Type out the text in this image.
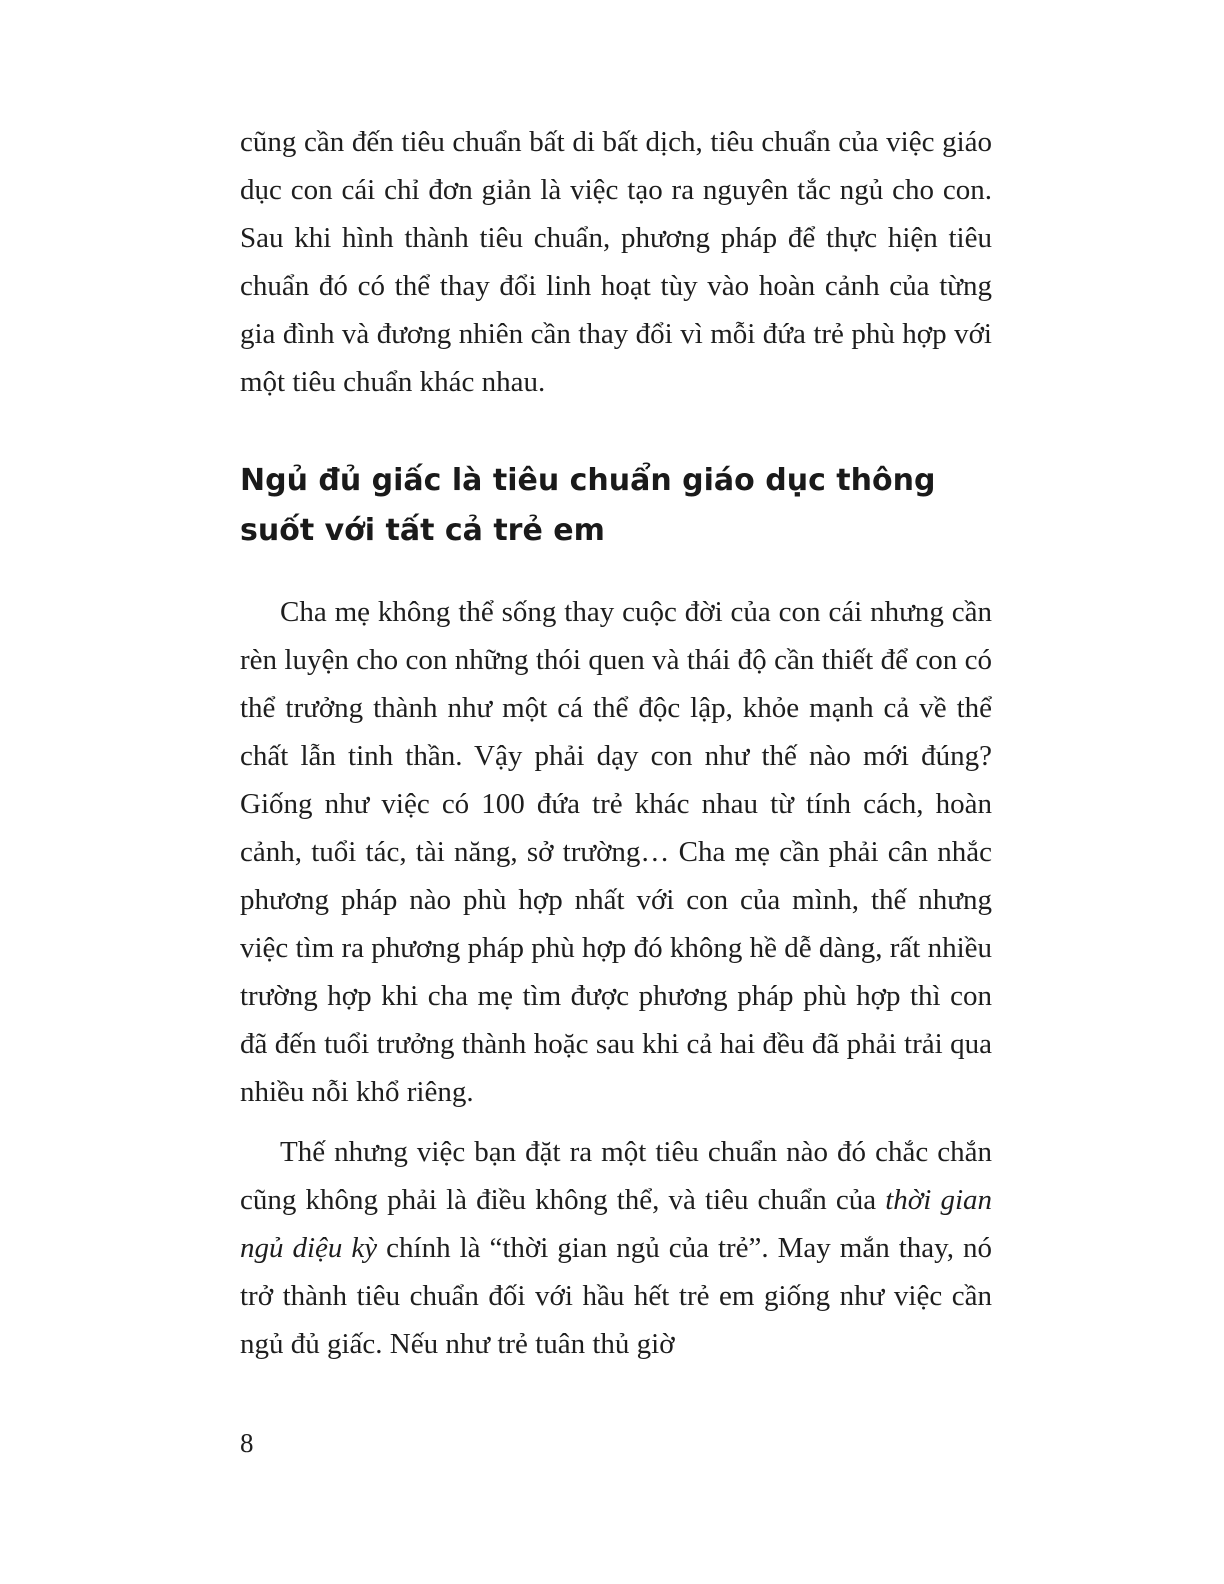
cũng cần đến tiêu chuẩn bất di bất dịch, tiêu chuẩn của việc giáo dục con cái chỉ đơn giản là việc tạo ra nguyên tắc ngủ cho con. Sau khi hình thành tiêu chuẩn, phương pháp để thực hiện tiêu chuẩn đó có thể thay đổi linh hoạt tùy vào hoàn cảnh của từng gia đình và đương nhiên cần thay đổi vì mỗi đứa trẻ phù hợp với một tiêu chuẩn khác nhau.

Ngủ đủ giấc là tiêu chuẩn giáo dục thông suốt với tất cả trẻ em

Cha mẹ không thể sống thay cuộc đời của con cái nhưng cần rèn luyện cho con những thói quen và thái độ cần thiết để con có thể trưởng thành như một cá thể độc lập, khỏe mạnh cả về thể chất lẫn tinh thần. Vậy phải dạy con như thế nào mới đúng? Giống như việc có 100 đứa trẻ khác nhau từ tính cách, hoàn cảnh, tuổi tác, tài năng, sở trường… Cha mẹ cần phải cân nhắc phương pháp nào phù hợp nhất với con của mình, thế nhưng việc tìm ra phương pháp phù hợp đó không hề dễ dàng, rất nhiều trường hợp khi cha mẹ tìm được phương pháp phù hợp thì con đã đến tuổi trưởng thành hoặc sau khi cả hai đều đã phải trải qua nhiều nỗi khổ riêng.

Thế nhưng việc bạn đặt ra một tiêu chuẩn nào đó chắc chắn cũng không phải là điều không thể, và tiêu chuẩn của thời gian ngủ diệu kỳ chính là “thời gian ngủ của trẻ”. May mắn thay, nó trở thành tiêu chuẩn đối với hầu hết trẻ em giống như việc cần ngủ đủ giấc. Nếu như trẻ tuân thủ giờ

8
